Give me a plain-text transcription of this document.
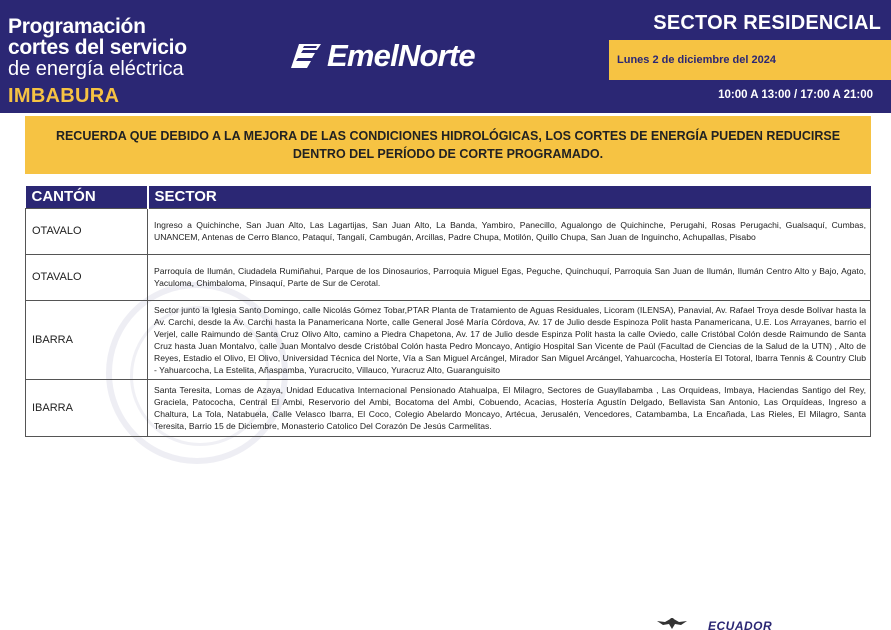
Programación
cortes del servicio
de energía eléctrica
IMBABURA
EmelNorte
SECTOR RESIDENCIAL
Lunes 2 de diciembre del 2024
10:00 A 13:00 / 17:00 A 21:00
RECUERDA QUE DEBIDO A LA MEJORA DE LAS CONDICIONES HIDROLÓGICAS, LOS CORTES DE ENERGÍA PUEDEN REDUCIRSE DENTRO DEL PERÍODO DE CORTE PROGRAMADO.
CANTÓN	SECTOR
OTAVALO	Ingreso a Quichinche, San Juan Alto, Las Lagartijas, San Juan Alto, La Banda, Yambiro, Panecillo, Agualongo de Quichinche, Perugahi, Rosas Perugachi, Gualsaquí, Cumbas, UNANCEM, Antenas de Cerro Blanco, Pataquí, Tangalí, Cambugán, Arcillas, Padre Chupa, Motilón, Quillo Chupa, San Juan de Inguincho, Achupallas, Pisabo
OTAVALO	Parroquía de Ilumán, Ciudadela Rumiñahui, Parque de los Dinosaurios, Parroquia Miguel Egas, Peguche, Quinchuquí, Parroquia San Juan de Ilumán, Ilumán Centro Alto y Bajo, Agato, Yaculoma, Chimbaloma, Pinsaquí, Parte de Sur de Cerotal.
IBARRA	Sector junto la Iglesia Santo Domingo, calle Nicolás Gómez Tobar,PTAR Planta de Tratamiento de Aguas Residuales, Licoram (ILENSA), Panavial, Av. Rafael Troya desde Bolívar hasta la Av. Carchi, desde la Av. Carchi hasta la Panamericana Norte, calle General José María Córdova, Av. 17 de Julio desde Espinoza Polit hasta Panamericana, U.E. Los Arrayanes, barrio el Verjel, calle Raimundo de Santa Cruz Olivo Alto, camino a Piedra Chapetona, Av. 17 de Julio desde Espinza Polit hasta la calle Oviedo, calle Cristóbal Colón desde Raimundo de Santa Cruz hasta Juan Montalvo, calle Juan Montalvo desde Cristóbal Colón hasta Pedro Moncayo, Antigio Hospital San Vicente de Paúl (Facultad de Ciencias de la Salud de la UTN) , Alto de Reyes, Estadio el Olivo, El Olivo, Universidad Técnica del Norte, Vía a San Miguel Arcángel, Mirador San Miguel Arcángel, Yahuarcocha, Hostería El Totoral, Ibarra Tennis & Country Club - Yahuarcocha, La Estelita, Añaspamba, Yuracrucito, Villauco, Yuracruz Alto, Guaranguisito
IBARRA	Santa Teresita, Lomas de Azaya, Unidad Educativa Internacional Pensionado Atahualpa, El Milagro, Sectores de Guayllabamba , Las Orquideas, Imbaya, Haciendas Santigo del Rey, Graciela, Patococha, Central El Ambi, Reservorio del Ambi, Bocatoma del Ambi, Cobuendo, Acacias, Hostería Agustín Delgado, Bellavista San Antonio, Las Orquídeas, Ingreso a Chaltura, La Tola, Natabuela, Calle Velasco Ibarra, El Coco, Colegio Abelardo Moncayo, Artécua, Jerusalén, Vencedores, Catambamba, La Encañada, Las Rieles, El Milagro, Santa Teresita, Barrio 15 de Diciembre, Monasterio Catolico Del Corazón De Jesús Carmelitas.
ECUADOR
